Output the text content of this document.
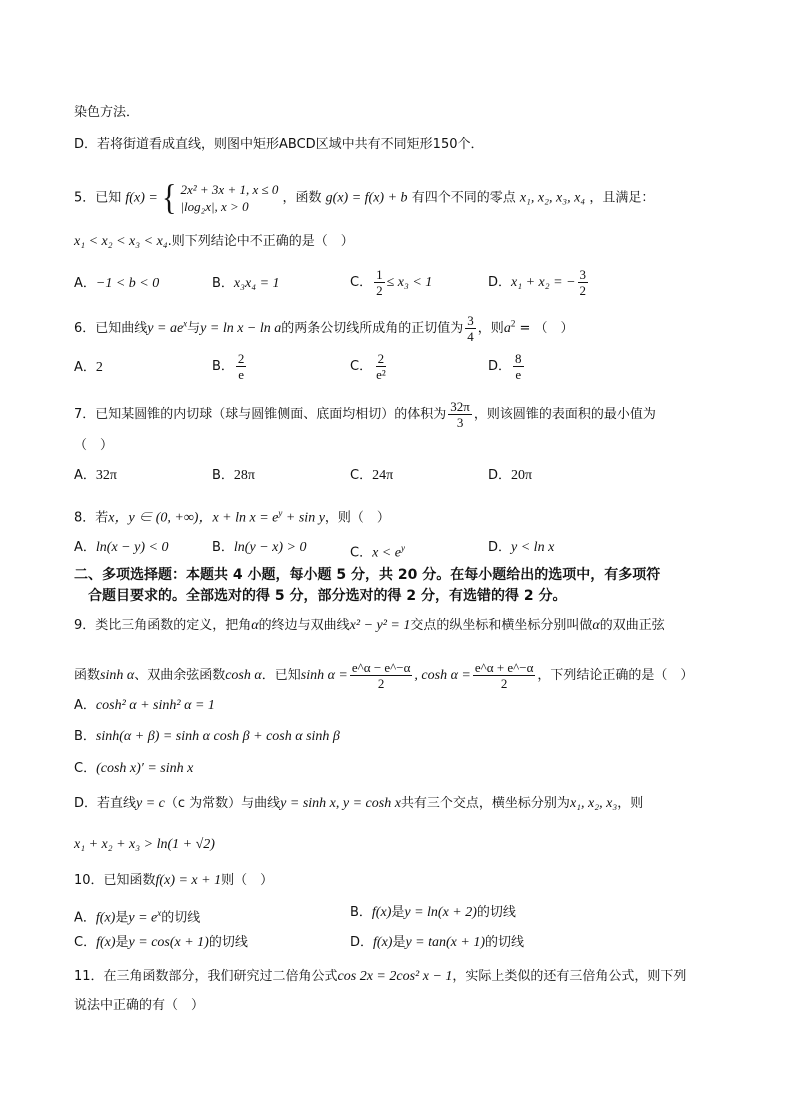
染色方法．
D．若将街道看成直线，则图中矩形ABCD区域中共有不同矩形150个．
5．已知 f(x) = { 2x² + 3x + 1, x ≤ 0
|log₂x|, x > 0
，函数 g(x) = f(x) + b 有四个不同的零点 x₁, x₂, x₃, x₄ ，且满足：
x₁ < x₂ < x₃ < x₄.则下列结论中不正确的是（　）
A．−1 < b < 0	B．x₃x₄ = 1	C． $\frac{1}{2} \le x_3 < 1$	D．x₁ + x₂ = − $\frac{3}{2}$
6．已知曲线$y = ae^x$与y = ln x − ln a的两条公切线所成角的正切值为 $\frac{3}{4}$ ，则$a^2$ = （　）
A．2	B． $\frac{2}{e}$	C． $\frac{2}{\text{e²}}$	D． $\frac{8}{e}$
7．已知某圆锥的内切球（球与圆锥侧面、底面均相切）的体积为 $\frac{32\pi}{3}$ ，则该圆锥的表面积的最小值为
（　）
A．32π	B．28π	C．24π	D．20π
8．若x，y ∈ (0, +∞)，$x + \ln x = e^y + \sin y$，则（　）
A．ln(x − y) < 0	B．ln(y − x) > 0	C．$x < e^y$	D．y < ln x
二、多项选择题：本题共 4 小题，每小题 5 分，共 20 分。在每小题给出的选项中，有多项符
合题目要求的。全部选对的得 5 分，部分选对的得 2 分，有选错的得 2 分。
9．类比三角函数的定义，把角α的终边与双曲线x² − y² = 1交点的纵坐标和横坐标分别叫做α的双曲正弦
函数sinh α、双曲余弦函数cosh α．已知$\sinh \alpha = \frac{e\^{}\alpha - e\^{}-\alpha}{2}$ , $\cosh \alpha = \frac{e\^{}\alpha + e\^{}-\alpha}{2}$ ，下列结论正确的是（　）
A．cosh² α + sinh² α = 1
B．sinh(α + β) = sinh α cosh β + cosh α sinh β
C．(cosh x)′ = sinh x
D．若直线y = c（c 为常数）与曲线y = sinh x, y = cosh x共有三个交点，横坐标分别为x₁, x₂, x₃，则
x₁ + x₂ + x₃ > ln(1 + √2)
10．已知函数f(x) = x + 1则（　）
A．f(x)是$y = e^x$的切线	B．f(x)是y = ln(x + 2)的切线
C．f(x)是y = cos(x + 1)的切线	D．f(x)是y = tan(x + 1)的切线
11．在三角函数部分，我们研究过二倍角公式cos 2x = 2cos² x − 1，实际上类似的还有三倍角公式，则下列
说法中正确的有（　）
